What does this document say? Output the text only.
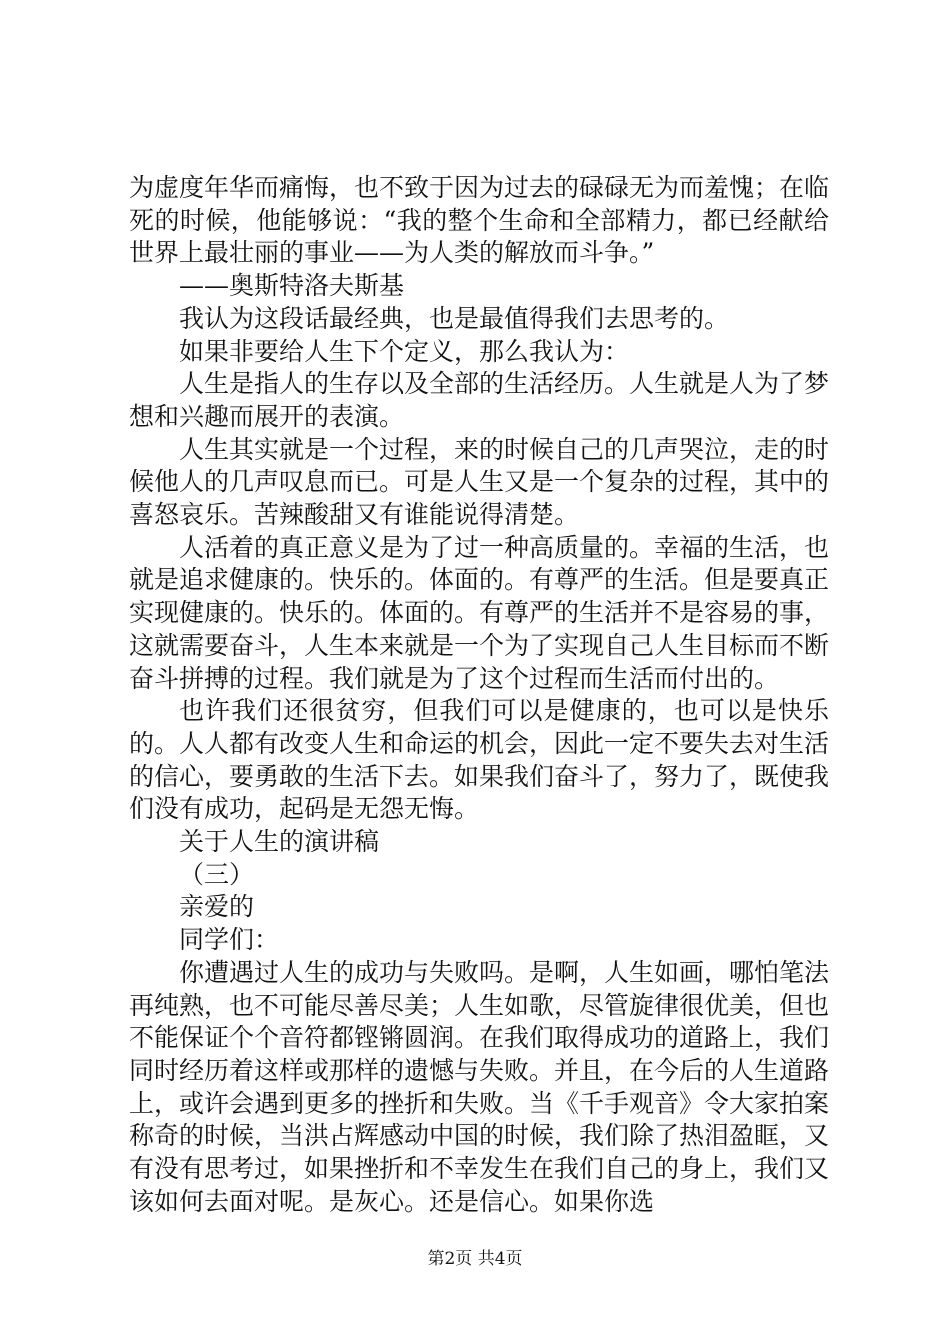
为虚度年华而痛悔，也不致于因为过去的碌碌无为而羞愧；在临死的时候，他能够说：“我的整个生命和全部精力，都已经献给世界上最壮丽的事业——为人类的解放而斗争。”

——奥斯特洛夫斯基

我认为这段话最经典，也是最值得我们去思考的。

如果非要给人生下个定义，那么我认为：

人生是指人的生存以及全部的生活经历。人生就是人为了梦想和兴趣而展开的表演。

人生其实就是一个过程，来的时候自己的几声哭泣，走的时候他人的几声叹息而已。可是人生又是一个复杂的过程，其中的喜怒哀乐。苦辣酸甜又有谁能说得清楚。

人活着的真正意义是为了过一种高质量的。幸福的生活，也就是追求健康的。快乐的。体面的。有尊严的生活。但是要真正实现健康的。快乐的。体面的。有尊严的生活并不是容易的事，这就需要奋斗，人生本来就是一个为了实现自己人生目标而不断奋斗拼搏的过程。我们就是为了这个过程而生活而付出的。

也许我们还很贫穷，但我们可以是健康的，也可以是快乐的。人人都有改变人生和命运的机会，因此一定不要失去对生活的信心，要勇敢的生活下去。如果我们奋斗了，努力了，既使我们没有成功，起码是无怨无悔。

关于人生的演讲稿

（三）

亲爱的

同学们：

你遭遇过人生的成功与失败吗。是啊，人生如画，哪怕笔法再纯熟，也不可能尽善尽美；人生如歌，尽管旋律很优美，但也不能保证个个音符都铿锵圆润。在我们取得成功的道路上，我们同时经历着这样或那样的遗憾与失败。并且，在今后的人生道路上，或许会遇到更多的挫折和失败。当《千手观音》令大家拍案称奇的时候，当洪占辉感动中国的时候，我们除了热泪盈眶，又有没有思考过，如果挫折和不幸发生在我们自己的身上，我们又该如何去面对呢。是灰心。还是信心。如果你选

第2页 共4页
